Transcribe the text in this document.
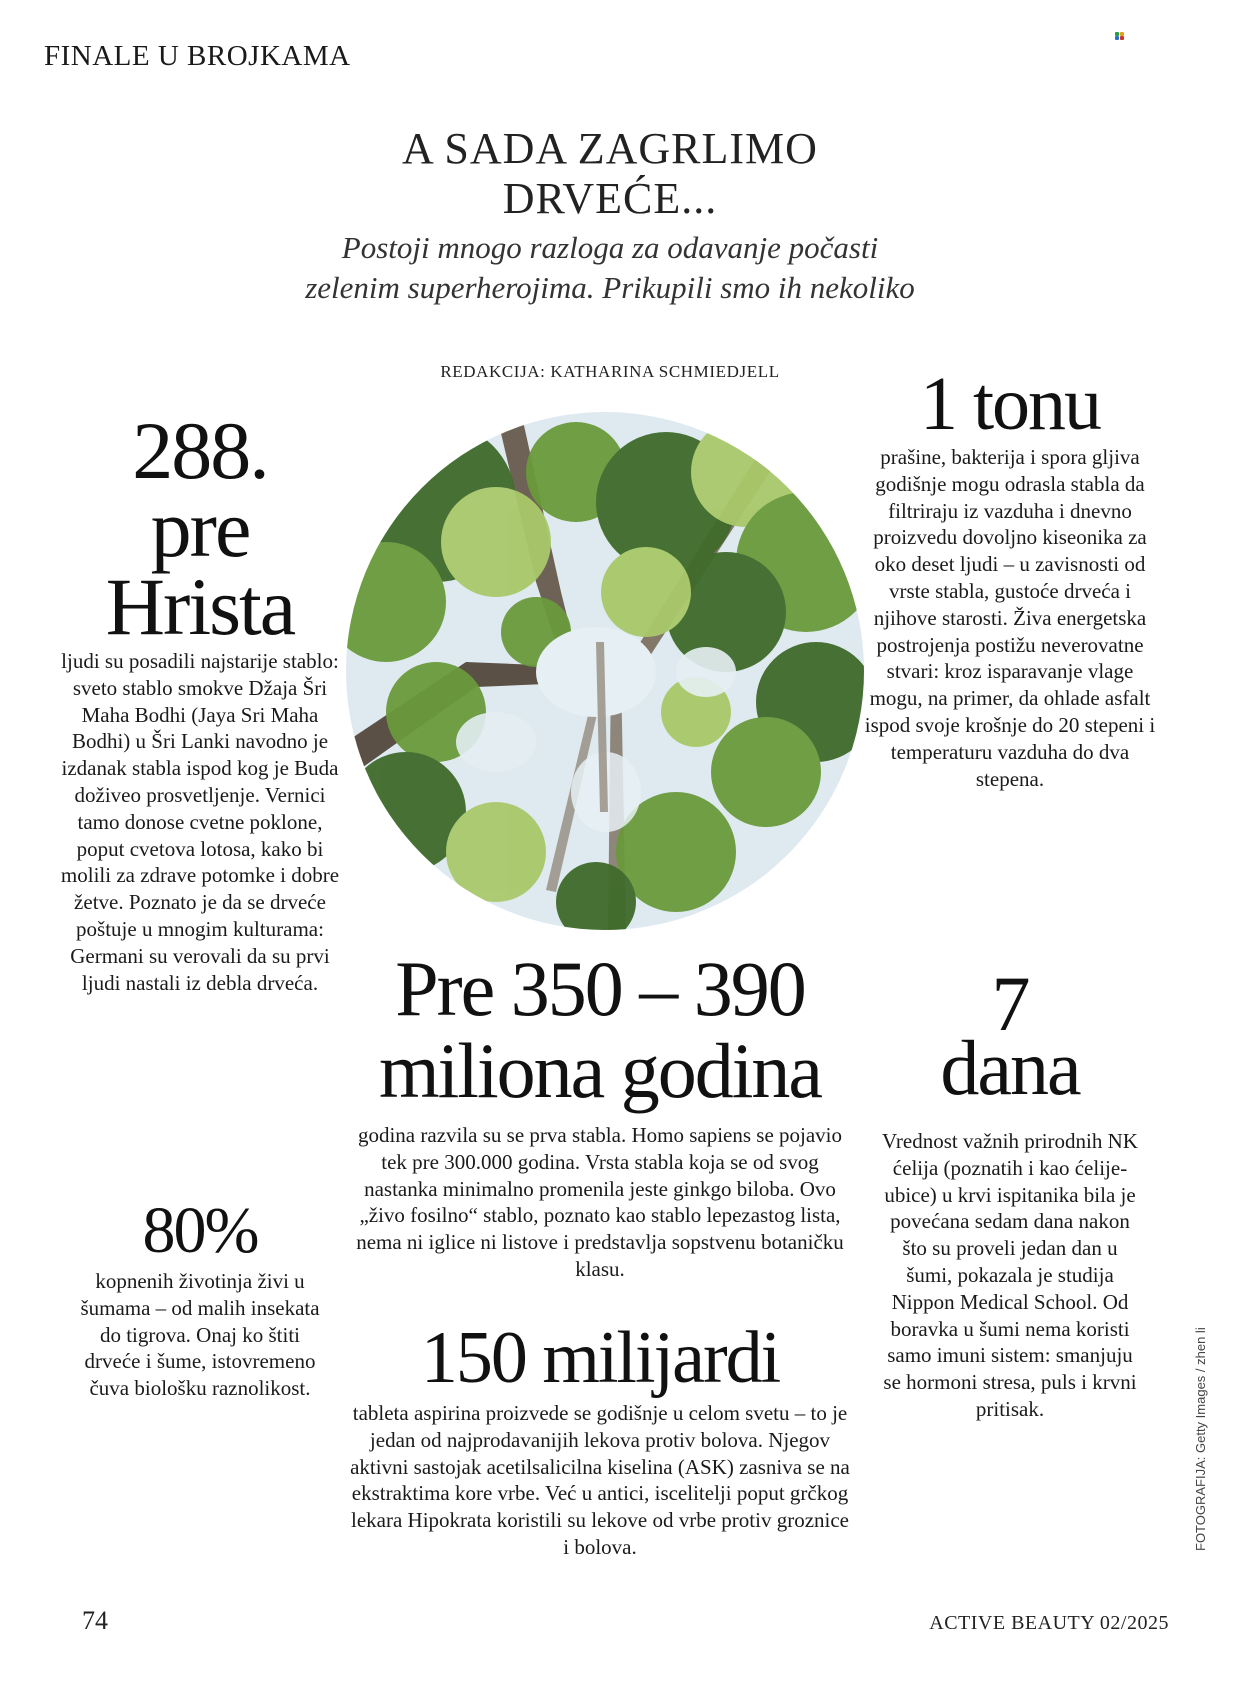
FINALE U BROJKAMA
A SADA ZAGRLIMO DRVEĆE...
Postoji mnogo razloga za odavanje počasti zelenim superherojima. Prikupili smo ih nekoliko
REDAKCIJA: KATHARINA SCHMIEDJELL
288.
pre
Hrista
ljudi su posadili najstarije stablo: sveto stablo smokve Džaja Šri Maha Bodhi (Jaya Sri Maha Bodhi) u Šri Lanki navodno je izdanak stabla ispod kog je Buda doživeo prosvetljenje. Vernici tamo donose cvetne poklone, poput cvetova lotosa, kako bi molili za zdrave potomke i dobre žetve. Poznato je da se drveće poštuje u mnogim kulturama: Germani su verovali da su prvi ljudi nastali iz debla drveća.
80%
kopnenih životinja živi u šumama – od malih insekata do tigrova. Onaj ko štiti drveće i šume, istovremeno čuva biološku raznolikost.
1 tonu
prašine, bakterija i spora gljiva godišnje mogu odrasla stabla da filtriraju iz vazduha i dnevno proizvedu dovoljno kiseonika za oko deset ljudi – u zavisnosti od vrste stabla, gustoće drveća i njihove starosti. Živa energetska postrojenja postižu neverovatne stvari: kroz isparavanje vlage mogu, na primer, da ohlade asfalt ispod svoje krošnje do 20 stepeni i temperaturu vazduha do dva stepena.
7
dana
Vrednost važnih prirodnih NK ćelija (poznatih i kao ćelije-ubice) u krvi ispitanika bila je povećana sedam dana nakon što su proveli jedan dan u šumi, pokazala je studija Nippon Medical School. Od boravka u šumi nema koristi samo imuni sistem: smanjuju se hormoni stresa, puls i krvni pritisak.
Pre 350 – 390
miliona godina
godina razvila su se prva stabla. Homo sapiens se pojavio tek pre 300.000 godina. Vrsta stabla koja se od svog nastanka minimalno promenila jeste ginkgo biloba. Ovo „živo fosilno“ stablo, poznato kao stablo lepezastog lista, nema ni iglice ni listove i predstavlja sopstvenu botaničku klasu.
150 milijardi
tableta aspirina proizvede se godišnje u celom svetu – to je jedan od najprodavanijih lekova protiv bolova. Njegov aktivni sastojak acetilsalicilna kiselina (ASK) zasniva se na ekstraktima kore vrbe. Već u antici, iscelitelji poput grčkog lekara Hipokrata koristili su lekove od vrbe protiv groznice i bolova.	FOTOGRAFIJA: Getty Images / zhen li
74	ACTIVE BEAUTY 02/2025
